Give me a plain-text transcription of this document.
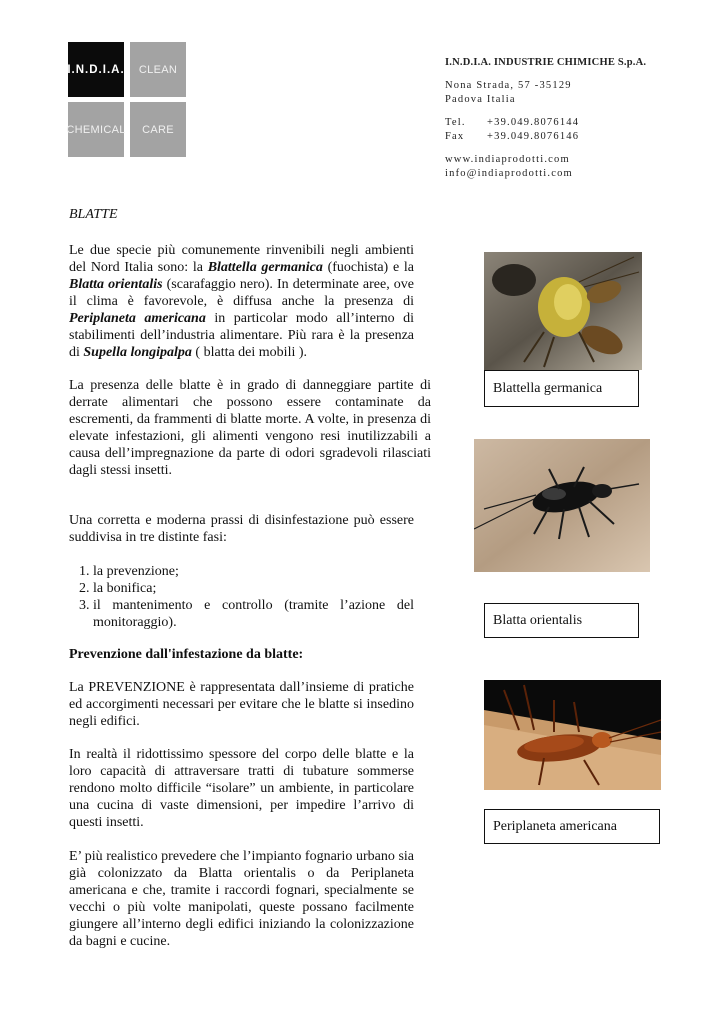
I.N.D.I.A.	CLEAN
CHEMICAL	CARE
I.N.D.I.A. INDUSTRIE CHIMICHE S.p.A.
Nona Strada, 57 -35129
Padova Italia
Tel.	+39.049.8076144
Fax	+39.049.8076146
www.indiaprodotti.com
info@indiaprodotti.com
BLATTE

Le due specie più comunemente rinvenibili negli ambienti del Nord Italia sono: la Blattella germanica (fuochista) e la Blatta orientalis (scarafaggio nero). In determinate aree, ove il clima è favorevole, è diffusa anche la presenza di Periplaneta americana in particolar modo all’interno di stabilimenti dell’industria alimentare. Più rara è la presenza di Supella longipalpa ( blatta dei mobili ).

La presenza delle blatte è in grado di danneggiare partite di derrate alimentari che possono essere contaminate da escrementi, da frammenti di blatte morte. A volte, in presenza di elevate infestazioni, gli alimenti vengono resi inutilizzabili a causa dell’impregnazione da parte di odori sgradevoli rilasciati dagli stessi insetti.

Una corretta e moderna prassi di disinfestazione può essere suddivisa in tre distinte fasi:

1. la prevenzione;
2. la bonifica;
3. il mantenimento e controllo (tramite l’azione del monitoraggio).
Prevenzione dall'infestazione da blatte:

La PREVENZIONE è rappresentata dall’insieme di pratiche ed accorgimenti necessari per evitare che le blatte si insedino negli edifici.

In realtà il ridottissimo spessore del corpo delle blatte e la loro capacità di attraversare tratti di tubature sommerse rendono molto difficile “isolare” un ambiente, in particolare una cucina di vaste dimensioni, per impedire l’arrivo di questi insetti.

E’ più realistico prevedere che l’impianto fognario urbano sia già colonizzato da Blatta orientalis o da Periplaneta americana e che, tramite i raccordi fognari, specialmente se vecchi o più volte manipolati, queste possano facilmente giungere all’interno degli edifici iniziando la colonizzazione da bagni e cucine.

Blattella germanica
Blatta orientalis
Periplaneta americana
